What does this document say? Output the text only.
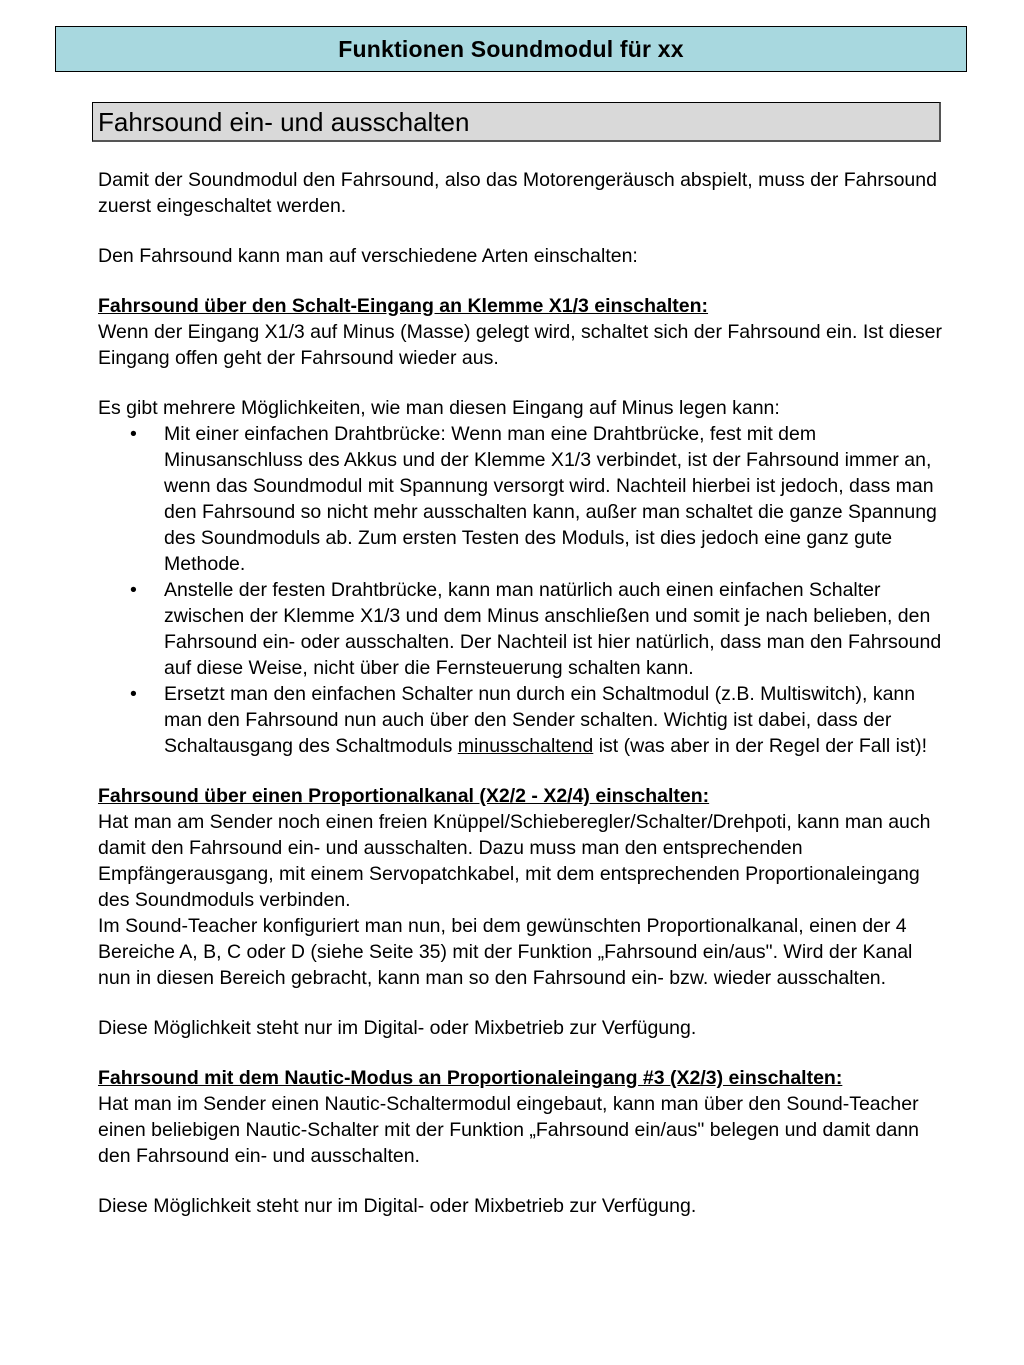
Funktionen Soundmodul für xx
Fahrsound ein- und ausschalten

Damit der Soundmodul den Fahrsound, also das Motorengeräusch abspielt, muss der Fahrsound zuerst eingeschaltet werden.

Den Fahrsound kann man auf verschiedene Arten einschalten:

Fahrsound über den Schalt-Eingang an Klemme X1/3 einschalten:

Wenn der Eingang X1/3 auf Minus (Masse) gelegt wird, schaltet sich der Fahrsound ein. Ist dieser Eingang offen geht der Fahrsound wieder aus.

Es gibt mehrere Möglichkeiten, wie man diesen Eingang auf Minus legen kann:

• Mit einer einfachen Drahtbrücke: Wenn man eine Drahtbrücke, fest mit dem Minusanschluss des Akkus und der Klemme X1/3 verbindet, ist der Fahrsound immer an, wenn das Soundmodul mit Spannung versorgt wird. Nachteil hierbei ist jedoch, dass man den Fahrsound so nicht mehr ausschalten kann, außer man schaltet die ganze Spannung des Soundmoduls ab. Zum ersten Testen des Moduls, ist dies jedoch eine ganz gute Methode.
• Anstelle der festen Drahtbrücke, kann man natürlich auch einen einfachen Schalter zwischen der Klemme X1/3 und dem Minus anschließen und somit je nach belieben, den Fahrsound ein- oder ausschalten. Der Nachteil ist hier natürlich, dass man den Fahrsound auf diese Weise, nicht über die Fernsteuerung schalten kann.
• Ersetzt man den einfachen Schalter nun durch ein Schaltmodul (z.B. Multiswitch), kann man den Fahrsound nun auch über den Sender schalten. Wichtig ist dabei, dass der Schaltausgang des Schaltmoduls minusschaltend ist (was aber in der Regel der Fall ist)!

Fahrsound über einen Proportionalkanal (X2/2 - X2/4) einschalten:

Hat man am Sender noch einen freien Knüppel/Schieberegler/Schalter/Drehpoti, kann man auch damit den Fahrsound ein- und ausschalten. Dazu muss man den entsprechenden Empfängerausgang, mit einem Servopatchkabel, mit dem entsprechenden Proportionaleingang des Soundmoduls verbinden.

Im Sound-Teacher konfiguriert man nun, bei dem gewünschten Proportionalkanal, einen der 4 Bereiche A, B, C oder D (siehe Seite 35) mit der Funktion „Fahrsound ein/aus". Wird der Kanal nun in diesen Bereich gebracht, kann man so den Fahrsound ein- bzw. wieder ausschalten.

Diese Möglichkeit steht nur im Digital- oder Mixbetrieb zur Verfügung.

Fahrsound mit dem Nautic-Modus an Proportionaleingang #3 (X2/3) einschalten:

Hat man im Sender einen Nautic-Schaltermodul eingebaut, kann man über den Sound-Teacher einen beliebigen Nautic-Schalter mit der Funktion „Fahrsound ein/aus" belegen und damit dann den Fahrsound ein- und ausschalten.

Diese Möglichkeit steht nur im Digital- oder Mixbetrieb zur Verfügung.
